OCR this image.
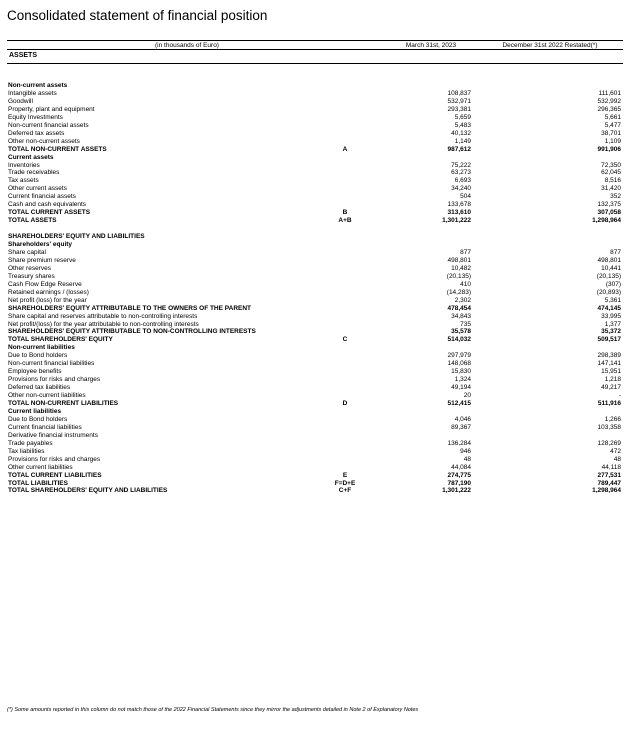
Consolidated statement of financial position
(in thousands of Euro)	March 31st, 2023	December 31st 2022 Restated(*)
ASSETS
Non-current assets
Intangible assets	108,837	111,601
Goodwill	532,971	532,992
Property, plant and equipment	293,381	296,365
Equity Investments	5,659	5,661
Non-current financial assets	5,483	5,477
Deferred tax assets	40,132	38,701
Other non-current assets	1,149	1,109
TOTAL NON-CURRENT ASSETS	A	987,612	991,906
Current assets
Inventories	75,222	72,350
Trade receivables	63,273	62,045
Tax assets	6,693	8,516
Other current assets	34,240	31,420
Current financial assets	504	352
Cash and cash equivalents	133,678	132,375
TOTAL CURRENT ASSETS	B	313,610	307,058
TOTAL ASSETS	A+B	1,301,222	1,298,964
SHAREHOLDERS' EQUITY AND LIABILITIES
Shareholders' equity
Share capital	877	877
Share premium reserve	498,801	498,801
Other reserves	10,482	10,441
Treasury shares	(20,135)	(20,135)
Cash Flow Edge Reserve	410	(307)
Retained earnings / (losses)	(14,283)	(20,893)
Net profit (loss) for the year	2,302	5,361
SHAREHOLDERS' EQUITY ATTRIBUTABLE TO THE OWNERS OF THE PARENT	478,454	474,145
Share capital and reserves attributable to non-controlling interests	34,843	33,995
Net profit/(loss) for the year attributable to non-controlling interests	735	1,377
SHAREHOLDERS' EQUITY ATTRIBUTABLE TO NON-CONTROLLING INTERESTS	35,578	35,372
TOTAL SHAREHOLDERS' EQUITY	C	514,032	509,517
Non-current liabilities
Due to Bond holders	297,979	298,389
Non-current financial liabilities	148,068	147,141
Employee benefits	15,830	15,951
Provisions for risks and charges	1,324	1,218
Deferred tax liabilities	49,194	49,217
Other non-current liabilities	20	-
TOTAL NON-CURRENT LIABILITIES	D	512,415	511,916
Current liabilities
Due to Bond holders	4,046	1,266
Current financial liabilities	89,367	103,358
Derivative financial instruments
Trade payables	136,284	128,269
Tax liabilities	946	472
Provisions for risks and charges	48	48
Other current liabilities	44,084	44,118
TOTAL CURRENT LIABILITIES	E	274,775	277,531
TOTAL LIABILITIES	F=D+E	787,190	789,447
TOTAL SHAREHOLDERS' EQUITY AND LIABILITIES	C+F	1,301,222	1,298,964
(*) Some amounts reported in this column do not match those of the 2022 Financial Statements since they mirror the adjustments detailed in Note 2 of Explanatory Notes
